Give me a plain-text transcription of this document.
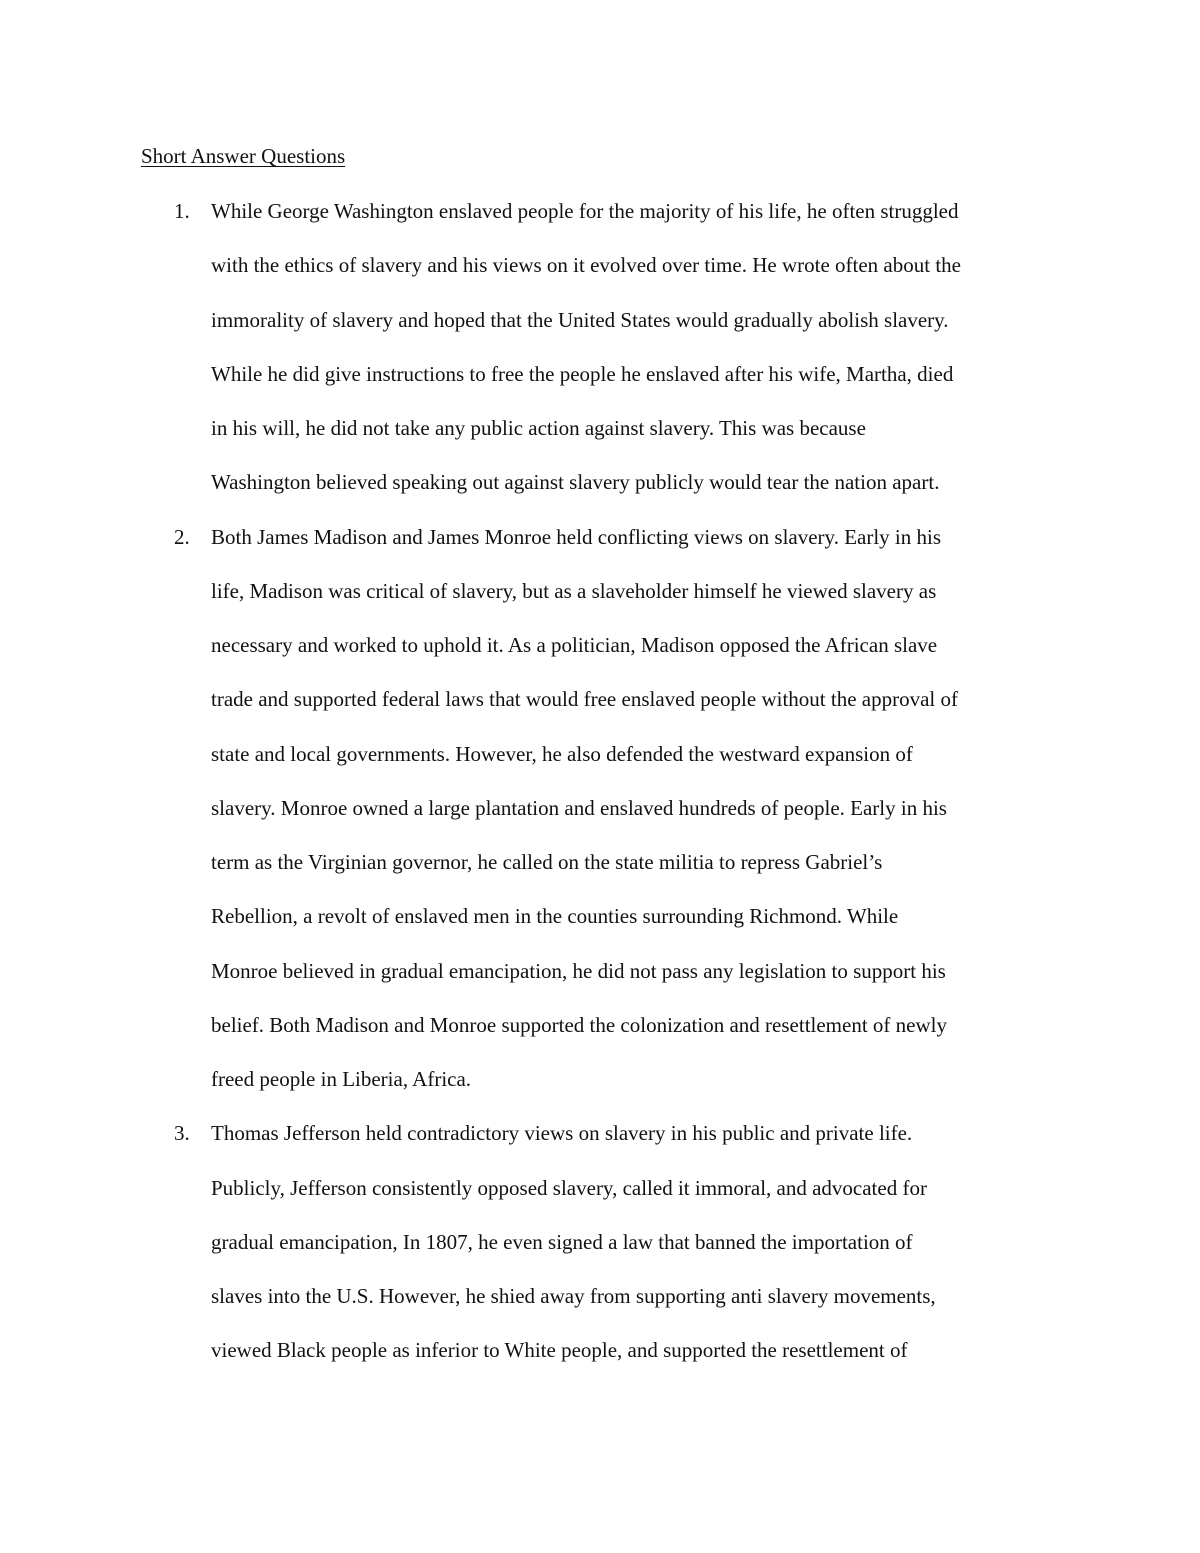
Short Answer Questions
1. While George Washington enslaved people for the majority of his life, he often struggled
with the ethics of slavery and his views on it evolved over time. He wrote often about the
immorality of slavery and hoped that the United States would gradually abolish slavery.
While he did give instructions to free the people he enslaved after his wife, Martha, died
in his will, he did not take any public action against slavery. This was because
Washington believed speaking out against slavery publicly would tear the nation apart.
2. Both James Madison and James Monroe held conflicting views on slavery. Early in his
life, Madison was critical of slavery, but as a slaveholder himself he viewed slavery as
necessary and worked to uphold it. As a politician, Madison opposed the African slave
trade and supported federal laws that would free enslaved people without the approval of
state and local governments. However, he also defended the westward expansion of
slavery. Monroe owned a large plantation and enslaved hundreds of people. Early in his
term as the Virginian governor, he called on the state militia to repress Gabriel’s
Rebellion, a revolt of enslaved men in the counties surrounding Richmond. While
Monroe believed in gradual emancipation, he did not pass any legislation to support his
belief. Both Madison and Monroe supported the colonization and resettlement of newly
freed people in Liberia, Africa.
3. Thomas Jefferson held contradictory views on slavery in his public and private life.
Publicly, Jefferson consistently opposed slavery, called it immoral, and advocated for
gradual emancipation, In 1807, he even signed a law that banned the importation of
slaves into the U.S. However, he shied away from supporting anti slavery movements,
viewed Black people as inferior to White people, and supported the resettlement of
